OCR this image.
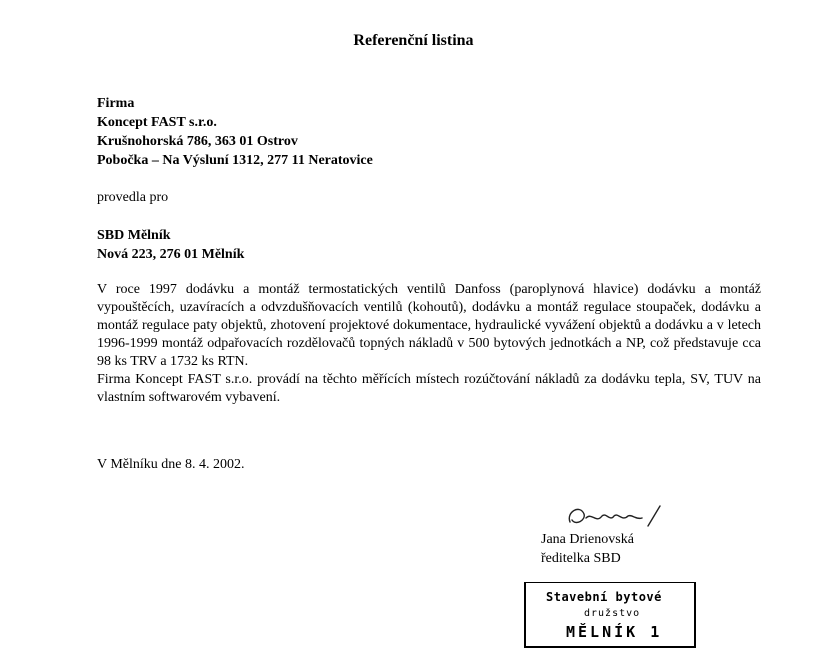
Referenční listina
Firma
Koncept FAST s.r.o.
Krušnohorská 786, 363 01 Ostrov
Pobočka – Na Výsluní 1312, 277 11 Neratovice
provedla pro
SBD Mělník
Nová 223, 276 01 Mělník

V roce 1997 dodávku a montáž termostatických ventilů Danfoss (paroplynová hlavice) dodávku a montáž vypouštěcích, uzavíracích a odvzdušňovacích ventilů (kohoutů), dodávku a montáž regulace stoupaček, dodávku a montáž regulace paty objektů, zhotovení projektové dokumentace, hydraulické vyvážení objektů a dodávku a v letech 1996-1999 montáž odpařovacích rozdělovačů topných nákladů v 500 bytových jednotkách a NP, což představuje cca 98 ks TRV a 1732 ks RTN.

Firma Koncept FAST s.r.o. provádí na těchto měřících místech rozúčtování nákladů za dodávku tepla, SV, TUV na vlastním softwarovém vybavení.

V Mělníku dne 8. 4. 2002.
Jana Drienovská
ředitelka SBD
Stavební bytové
družstvo
MĚLNÍK 1
